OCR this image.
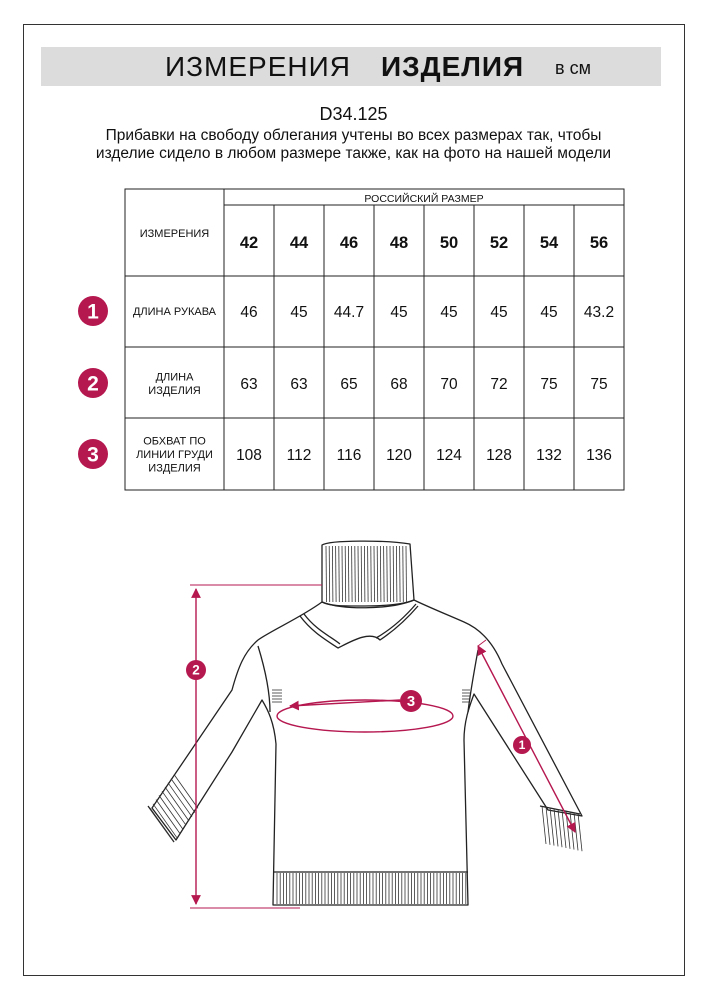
ИЗМЕРЕНИЯ ИЗДЕЛИЯ в см
D34.125
Прибавки на свободу облегания учтены во всех размерах так, чтобы изделие сидело в любом размере также, как на фото на нашей модели
РОССИЙСКИЙ РАЗМЕР
ИЗМЕРЕНИЯ 42 44 46 48 50 52 54 56
ДЛИНА РУКАВА 46 45 44.7 45 45 45 45 43.2
ДЛИНА
ИЗДЕЛИЯ	63 63 65 68 70 72 75 75
ОБХВАТ ПО
ЛИНИИ ГРУДИ
ИЗДЕЛИЯ
108 112 116 120 124 128 132 136
1
2
3
1
2
3
